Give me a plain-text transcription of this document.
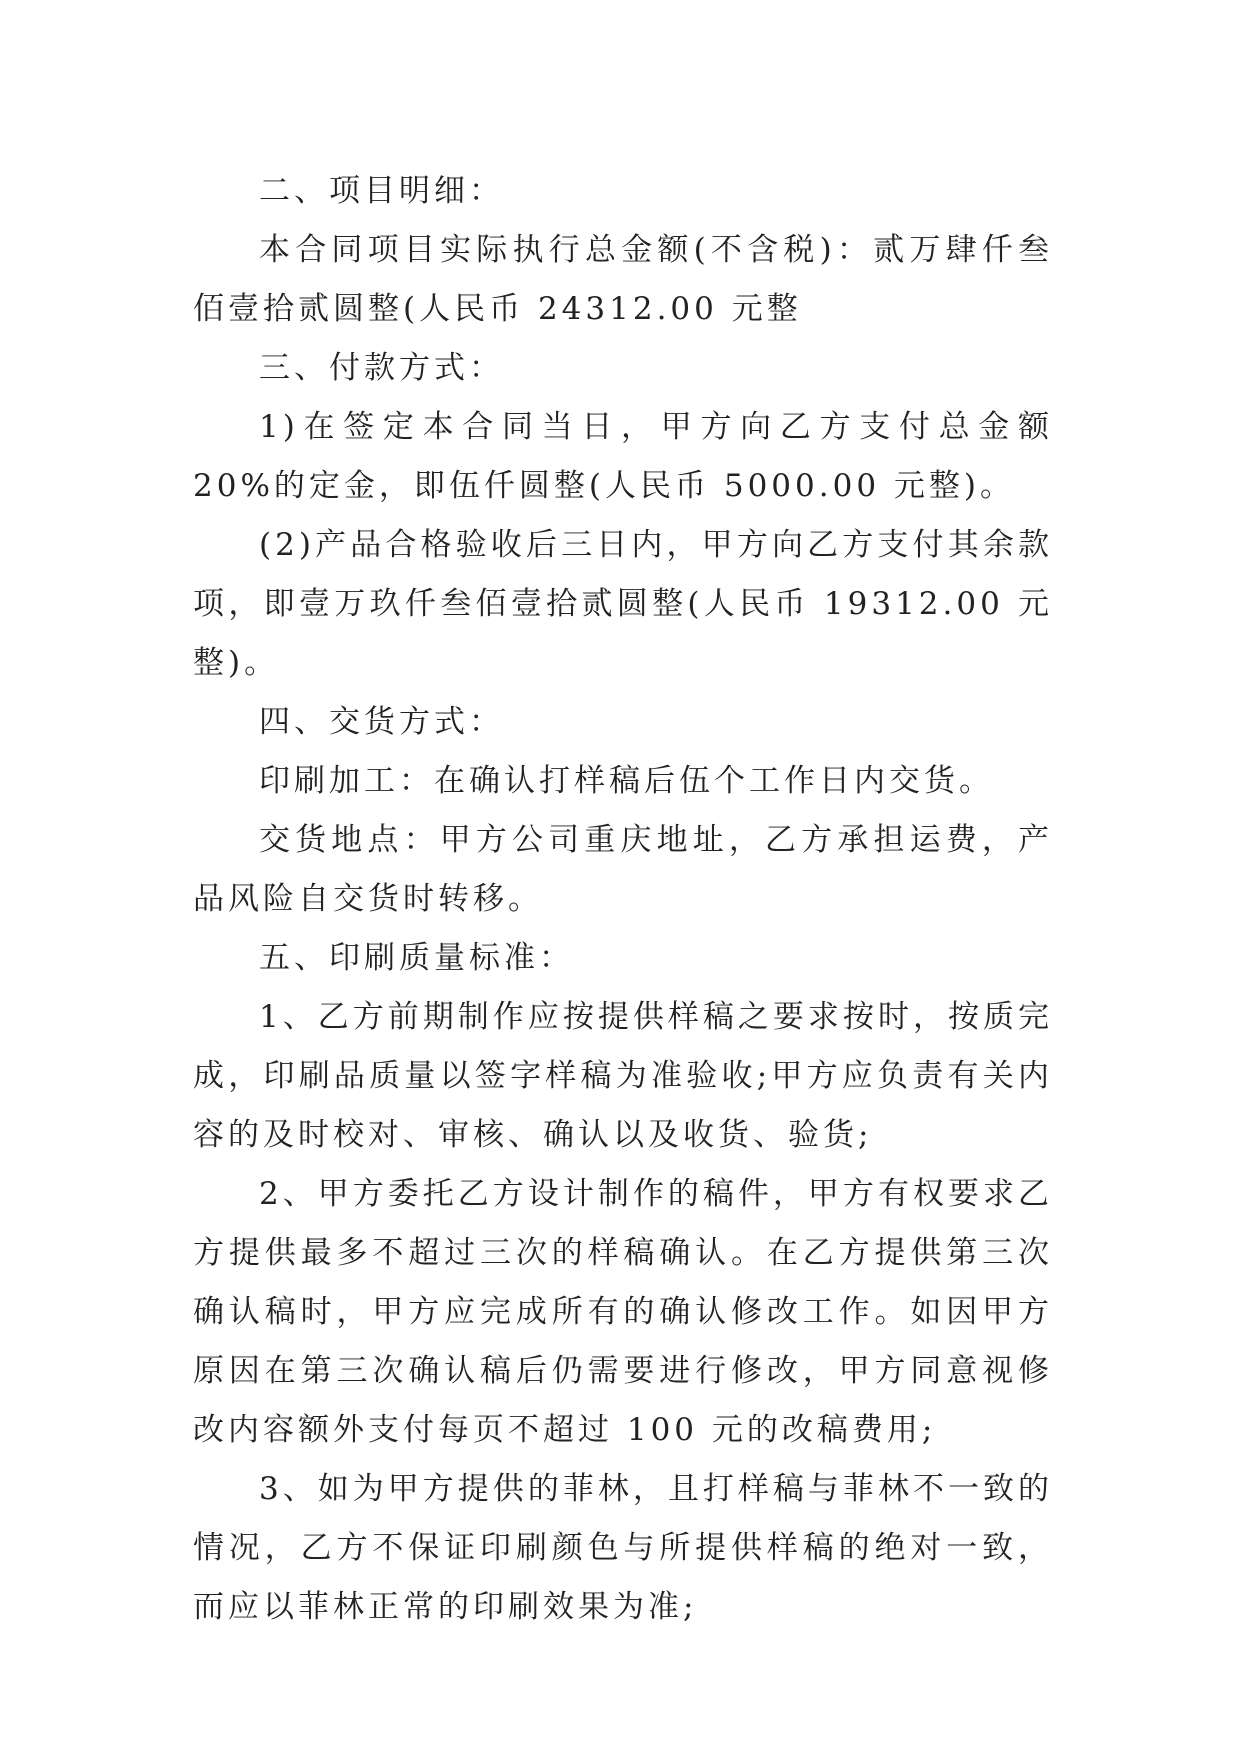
二、项目明细：

本合同项目实际执行总金额(不含税)：贰万肆仟叁佰壹拾贰圆整(人民币 24312.00 元整

三、付款方式：

1)在签定本合同当日，甲方向乙方支付总金额 20%的定金，即伍仟圆整(人民币 5000.00 元整)。

(2)产品合格验收后三日内，甲方向乙方支付其余款项，即壹万玖仟叁佰壹拾贰圆整(人民币 19312.00 元整)。

四、交货方式：

印刷加工：在确认打样稿后伍个工作日内交货。

交货地点：甲方公司重庆地址，乙方承担运费，产品风险自交货时转移。

五、印刷质量标准：

1、乙方前期制作应按提供样稿之要求按时，按质完成，印刷品质量以签字样稿为准验收;甲方应负责有关内容的及时校对、审核、确认以及收货、验货;

2、甲方委托乙方设计制作的稿件，甲方有权要求乙方提供最多不超过三次的样稿确认。在乙方提供第三次确认稿时，甲方应完成所有的确认修改工作。如因甲方原因在第三次确认稿后仍需要进行修改，甲方同意视修改内容额外支付每页不超过 100 元的改稿费用;

3、如为甲方提供的菲林，且打样稿与菲林不一致的情况，乙方不保证印刷颜色与所提供样稿的绝对一致，而应以菲林正常的印刷效果为准;
